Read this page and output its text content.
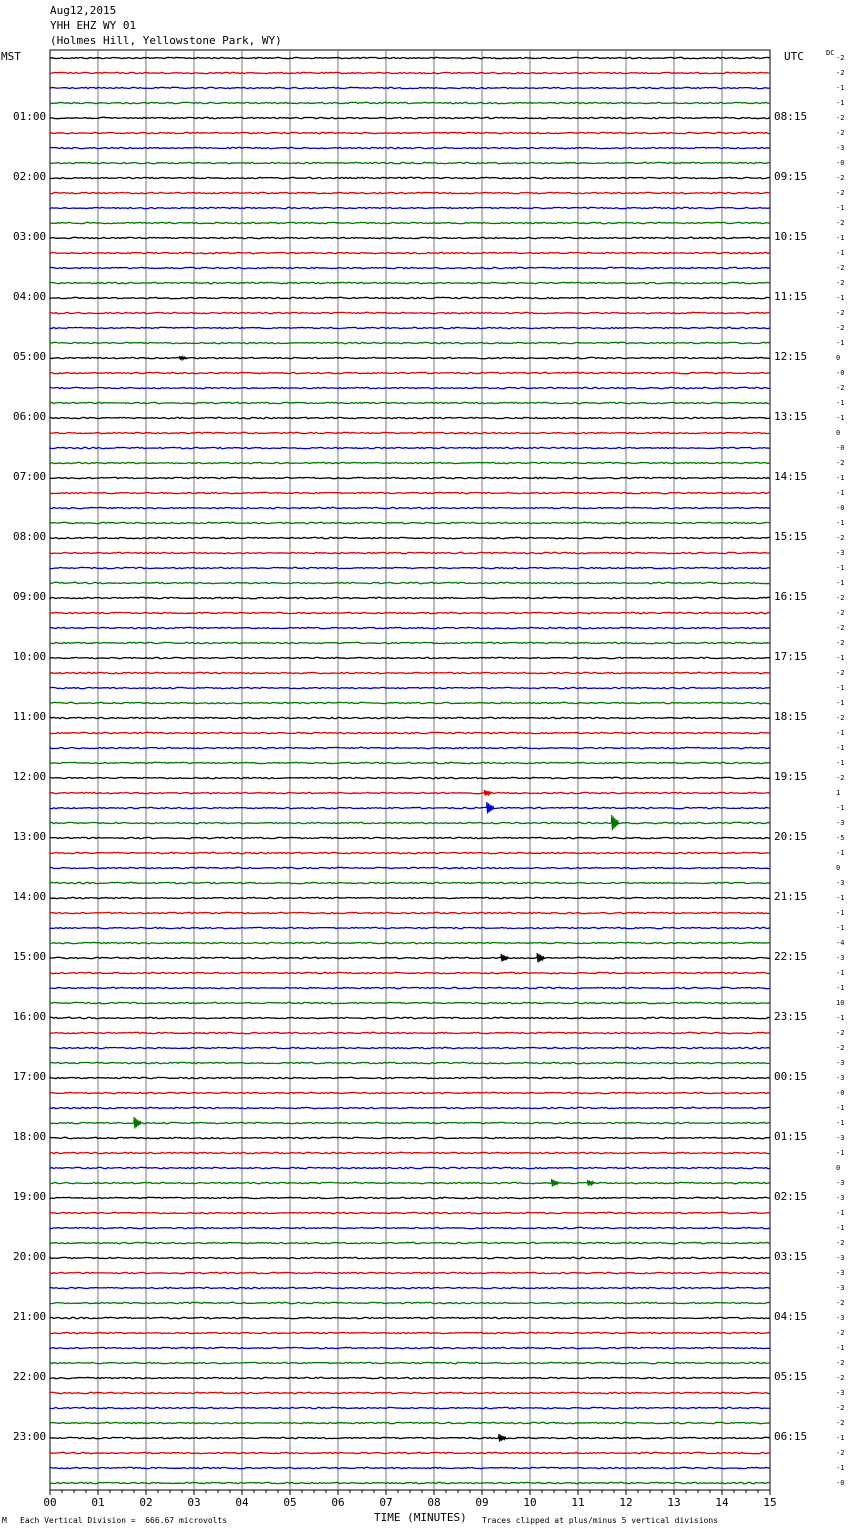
Aug12,2015
YHH EHZ WY 01
(Holmes Hill, Yellowstone Park, WY)
MST	UTC	DC
01:00
02:00
03:00
04:00
05:00
06:00
07:00
08:00
09:00
10:00
11:00
12:00
13:00
14:00
15:00
16:00
17:00
18:00
19:00
20:00
21:00
22:00
23:00
08:15
09:15
10:15
11:15
12:15
13:15
14:15
15:15
16:15
17:15
18:15
19:15
20:15
21:15
22:15
23:15
00:15
01:15
02:15
03:15
04:15
05:15
06:15
-2
-2
-1
-1
-2
-2
-3
-0
-2
-2
-1
-2
-1
-1
-2
-2
-1
-2
-2
-1
0
-0
-2
-1
-1
0
-0
-2
-1
-1
-0
-1
-2
-3
-1
-1
-2
-2
-2
-2
-1
-2
-1
-1
-2
-1
-1
-1
-2
1
-1
-3
-5
-1
0
-3
-1
-1
-1
-4
-3
-1
-1
10
-1
-2
-2
-3
-3
-0
-1
-1
-3
-1
0
-3
-3
-1
-1
-2
-3
-3
-3
-2
-3
-2
-1
-2
-2
-3
-2
-2
-1
-2
-1
-0
00	01	02	03	04	05	06	07	08	09	10	11	12	13	14	15
М Each Vertical Division =  666.67 microvolts	TIME (MINUTES) Traces clipped at plus/minus 5 vertical divisions
